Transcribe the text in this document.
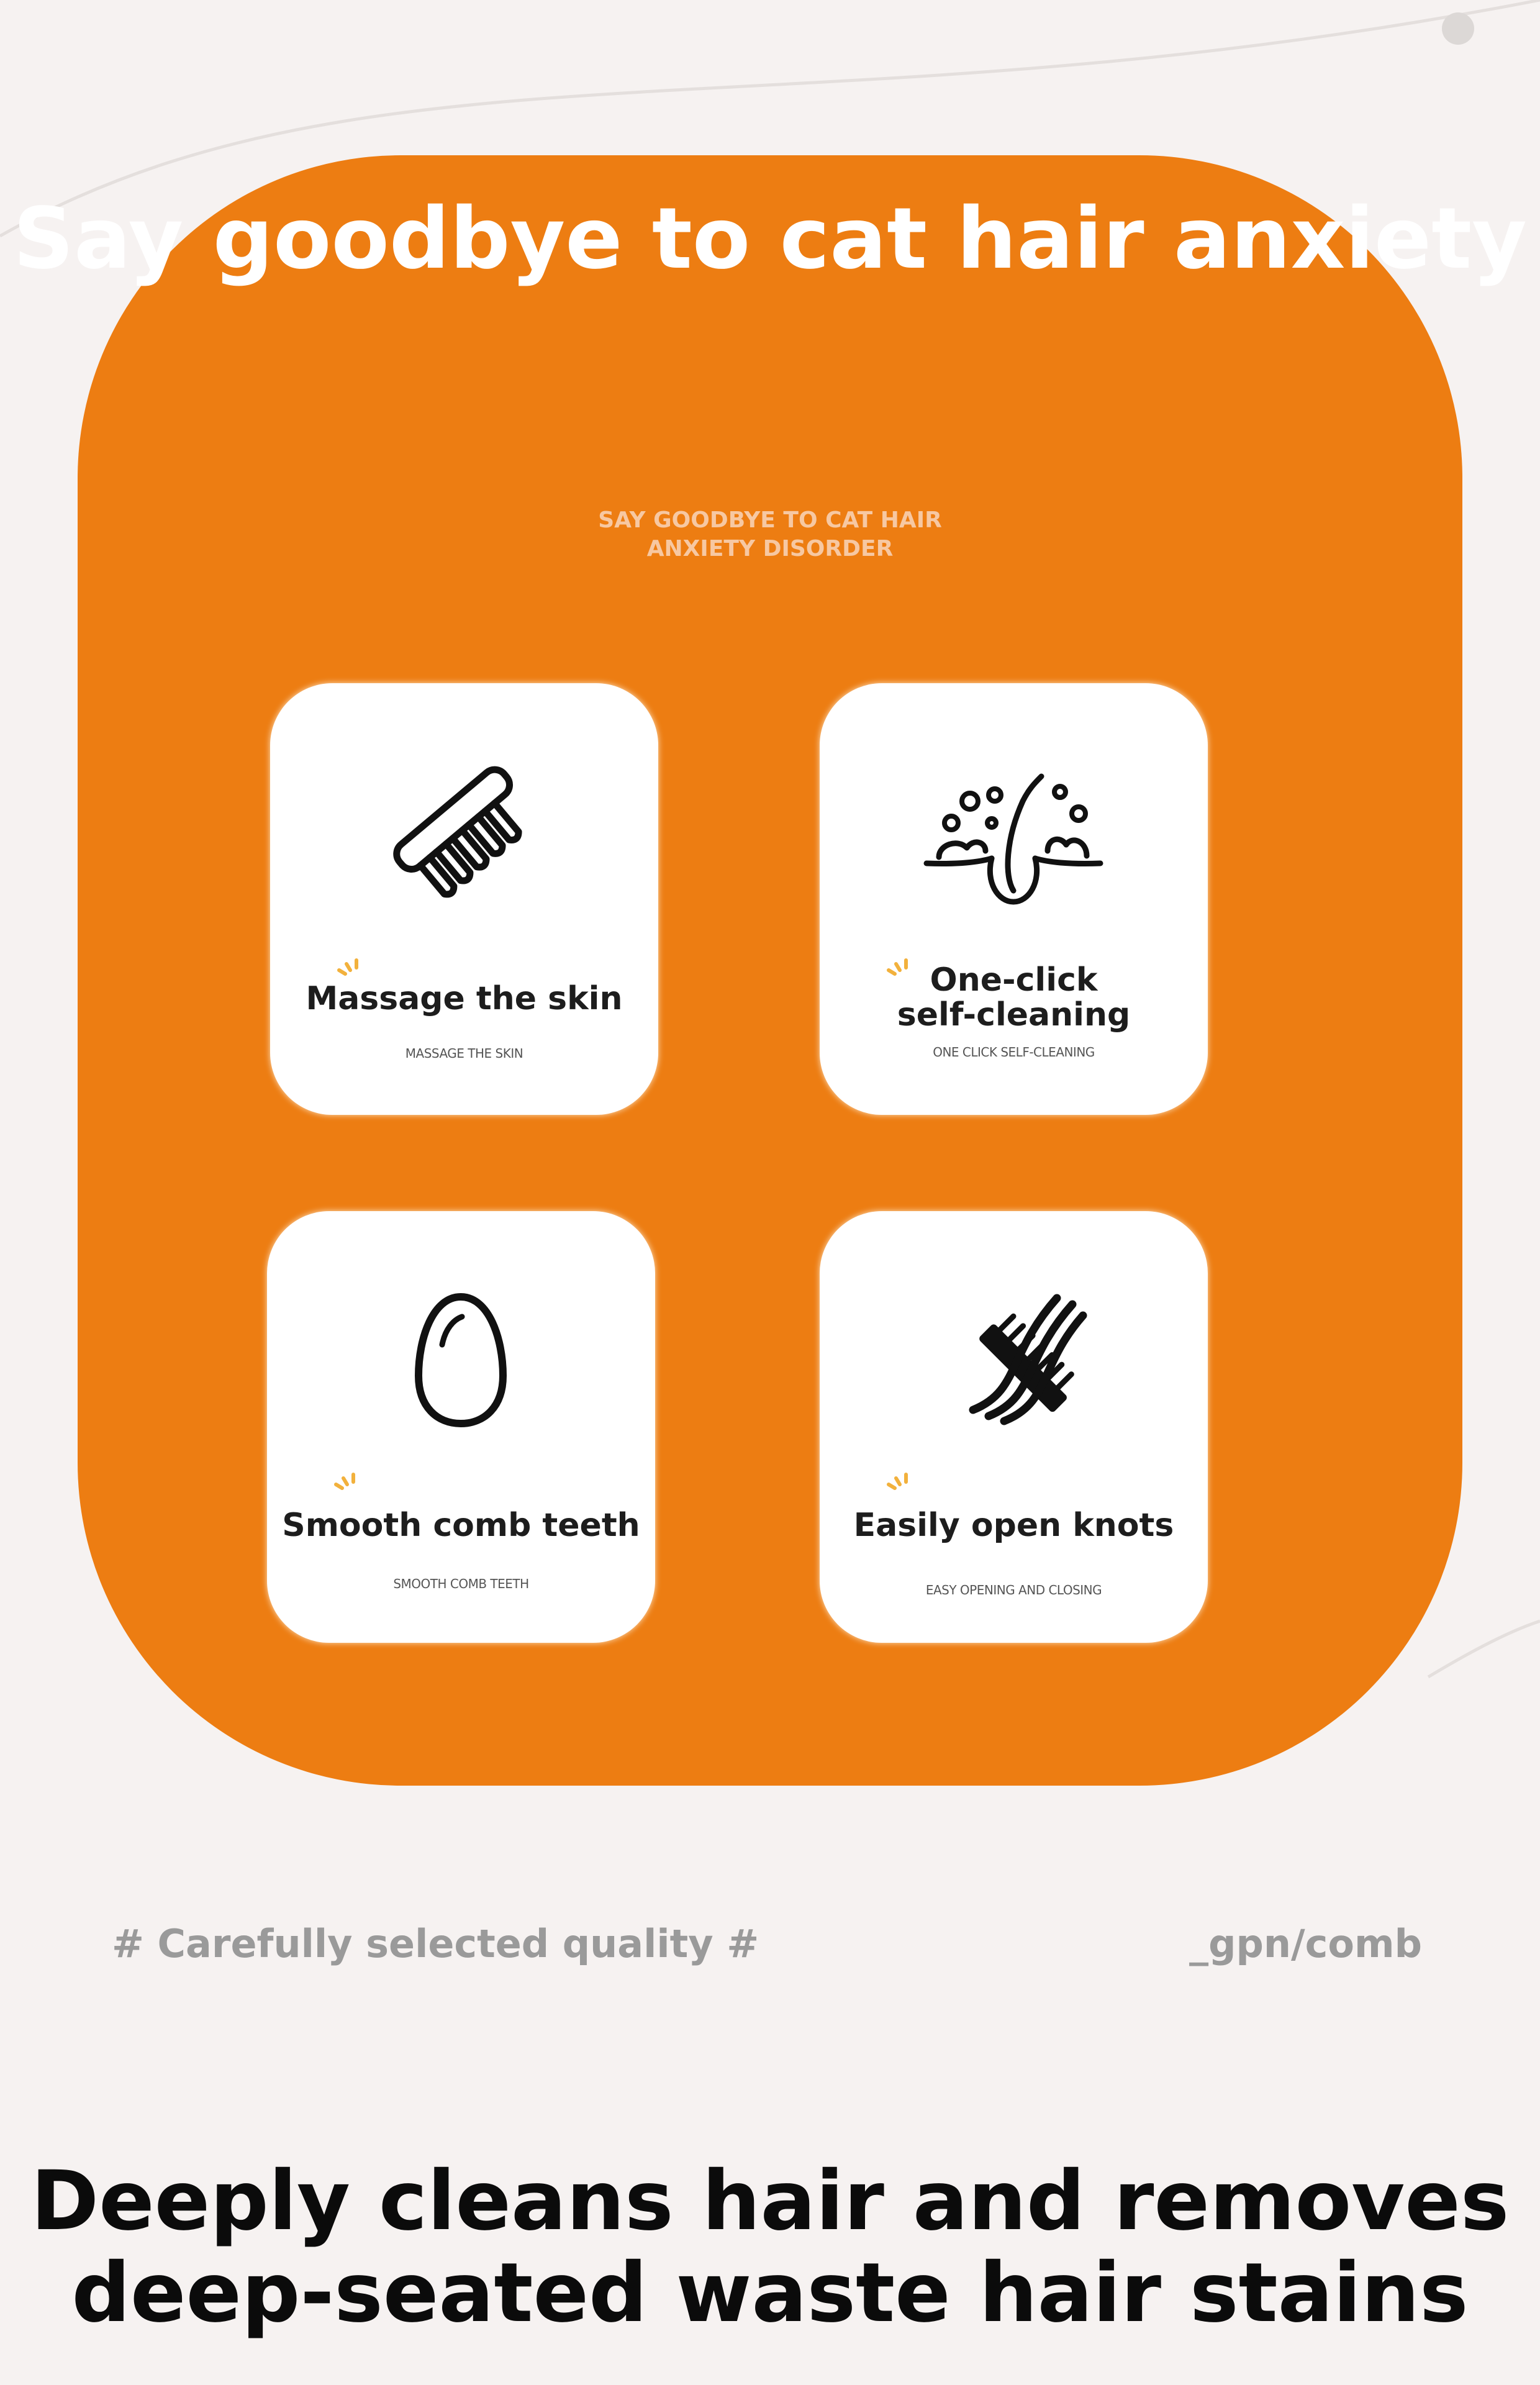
Say goodbye to cat hair anxiety
SAY GOODBYE TO CAT HAIR
ANXIETY DISORDER
Massage the skin
MASSAGE THE SKIN
One-click
self-cleaning
ONE CLICK SELF-CLEANING
Smooth comb teeth
SMOOTH COMB TEETH
Easily open knots
EASY OPENING AND CLOSING
# Carefully selected quality #	_gpn/comb
Deeply cleans hair and removes
deep-seated waste hair stains
